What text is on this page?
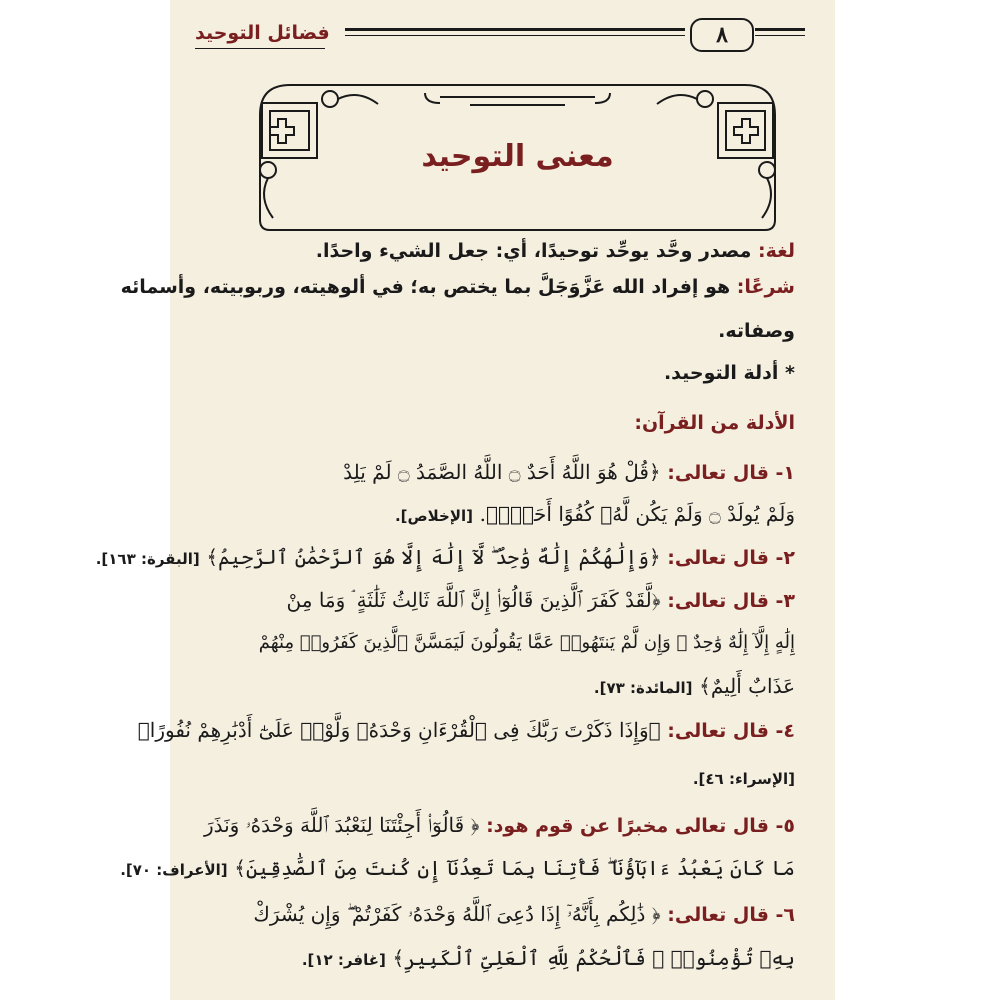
٨
فضائل التوحيد
معنى التوحيد
لغة: مصدر وحَّد يوحِّد توحيدًا، أي: جعل الشيء واحدًا.
شرعًا: هو إفراد الله عَزَّوَجَلَّ بما يختص به؛ في ألوهيته، وربوبيته، وأسمائه
وصفاته.
* أدلة التوحيد.
الأدلة من القرآن:
١- قال تعالى: ﴿قُلْ هُوَ اللَّهُ أَحَدٌ ۝ اللَّهُ الصَّمَدُ ۝ لَمْ يَلِدْ
وَلَمْ يُولَدْ ۝ وَلَمْ يَكُن لَّهُۥ كُفُوًا أَحَدٌۢ﴾. [الإخلاص].
٢- قال تعالى: ﴿وَإِلَٰهُكُمْ إِلَٰهٌ وَٰحِدٌ ۖ لَّآ إِلَٰهَ إِلَّا هُوَ ٱلرَّحْمَٰنُ ٱلرَّحِيمُ﴾ [البقرة: ١٦٣].
٣- قال تعالى: ﴿لَّقَدْ كَفَرَ ٱلَّذِينَ قَالُوٓا۟ إِنَّ ٱللَّهَ ثَالِثُ ثَلَٰثَةٍ ۘ وَمَا مِنْ
إِلَٰهٍ إِلَّآ إِلَٰهٌ وَٰحِدٌ ۚ وَإِن لَّمْ يَنتَهُوا۟ عَمَّا يَقُولُونَ لَيَمَسَّنَّ ٱلَّذِينَ كَفَرُوا۟ مِنْهُمْ
عَذَابٌ أَلِيمٌ﴾ [المائدة: ٧٣].
٤- قال تعالى: ﴿وَإِذَا ذَكَرْتَ رَبَّكَ فِى ٱلْقُرْءَانِ وَحْدَهُۥ وَلَّوْا۟ عَلَىٰٓ أَدْبَٰرِهِمْ نُفُورًا﴾
[الإسراء: ٤٦].
٥- قال تعالى مخبرًا عن قوم هود: ﴿ قَالُوٓا۟ أَجِئْتَنَا لِنَعْبُدَ ٱللَّهَ وَحْدَهُۥ وَنَذَرَ
مَا كَانَ يَعْبُدُ ءَابَآؤُنَا ۖ فَأْتِنَا بِمَا تَعِدُنَآ إِن كُنتَ مِنَ ٱلصَّٰدِقِينَ﴾ [الأعراف: ٧٠].
٦- قال تعالى: ﴿ ذَٰلِكُم بِأَنَّهُۥٓ إِذَا دُعِىَ ٱللَّهُ وَحْدَهُۥ كَفَرْتُمْ ۖ وَإِن يُشْرَكْ
بِهِۦ تُؤْمِنُوا۟ ۚ فَٱلْحُكْمُ لِلَّهِ ٱلْعَلِىِّ ٱلْكَبِيرِ﴾ [غافر: ١٢].
